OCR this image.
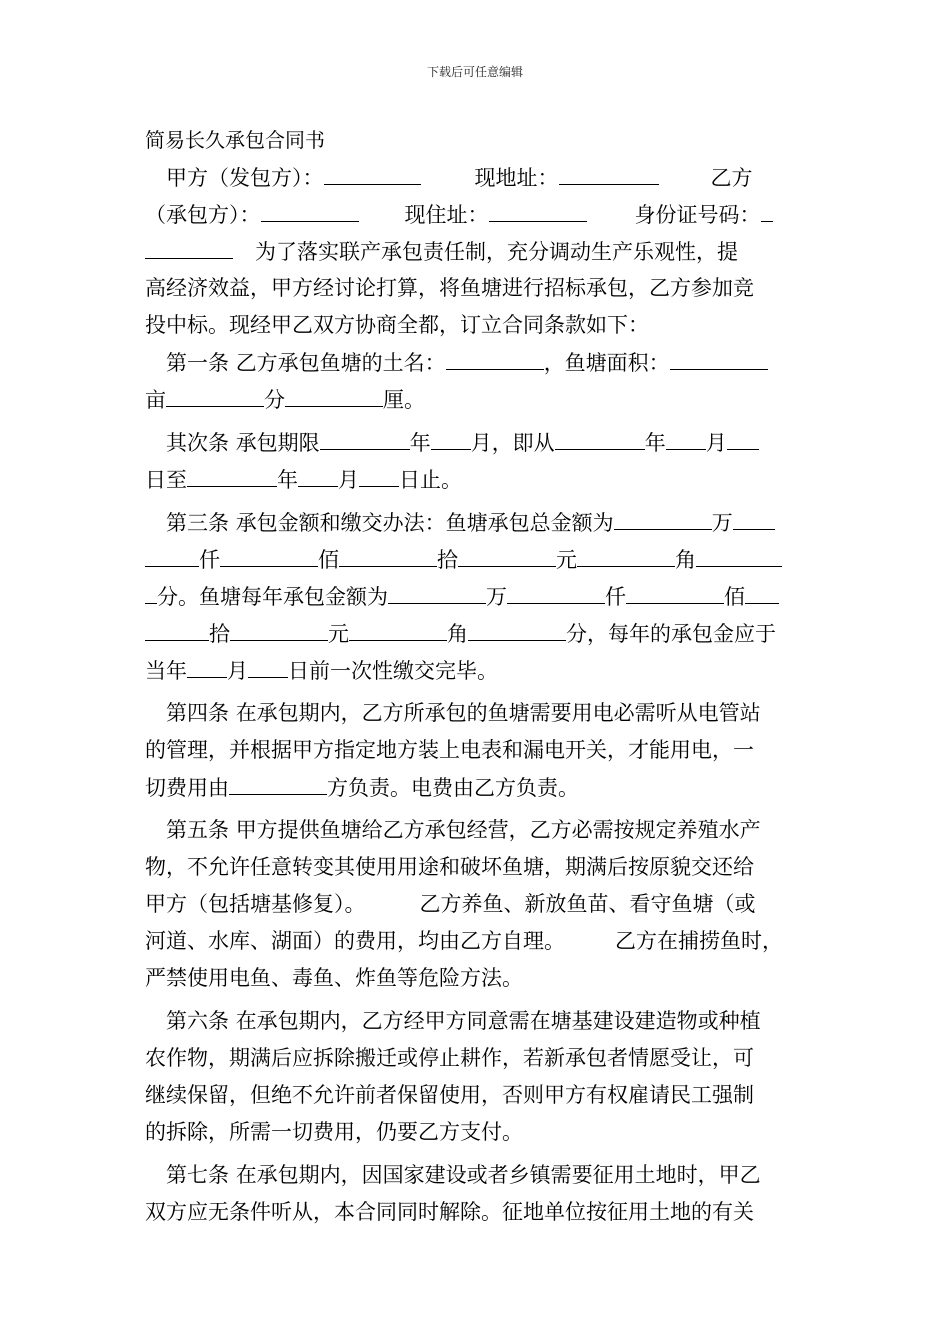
下载后可任意编辑
简易长久承包合同书
甲方（发包方）：	现地址：	乙方
（承包方）：	现住址：	身份证号码：
为了落实联产承包责任制，充分调动生产乐观性，提
高经济效益，甲方经讨论打算，将鱼塘进行招标承包，乙方参加竞
投中标。现经甲乙双方协商全都，订立合同条款如下：
第一条 乙方承包鱼塘的土名：	，鱼塘面积：
亩	分	厘。
其次条 承包期限	年 月，即从	年 月
日至	年 月 日止。
第三条 承包金额和缴交办法：鱼塘承包总金额为	万
仟	佰	拾	元	角
分。鱼塘每年承包金额为	万	仟	佰
拾	元	角	分，每年的承包金应于
当年 月 日前一次性缴交完毕。
第四条 在承包期内，乙方所承包的鱼塘需要用电必需听从电管站
的管理，并根据甲方指定地方装上电表和漏电开关，才能用电，一
切费用由	方负责。电费由乙方负责。
第五条 甲方提供鱼塘给乙方承包经营，乙方必需按规定养殖水产
物，不允许任意转变其使用用途和破坏鱼塘，期满后按原貌交还给
甲方（包括塘基修复）。	乙方养鱼、新放鱼苗、看守鱼塘（或
河道、水库、湖面）的费用，均由乙方自理。 乙方在捕捞鱼时，
严禁使用电鱼、毒鱼、炸鱼等危险方法。
第六条 在承包期内，乙方经甲方同意需在塘基建设建造物或种植
农作物，期满后应拆除搬迁或停止耕作，若新承包者情愿受让，可
继续保留，但绝不允许前者保留使用，否则甲方有权雇请民工强制
的拆除，所需一切费用，仍要乙方支付。
第七条 在承包期内，因国家建设或者乡镇需要征用土地时，甲乙
双方应无条件听从，本合同同时解除。征地单位按征用土地的有关
